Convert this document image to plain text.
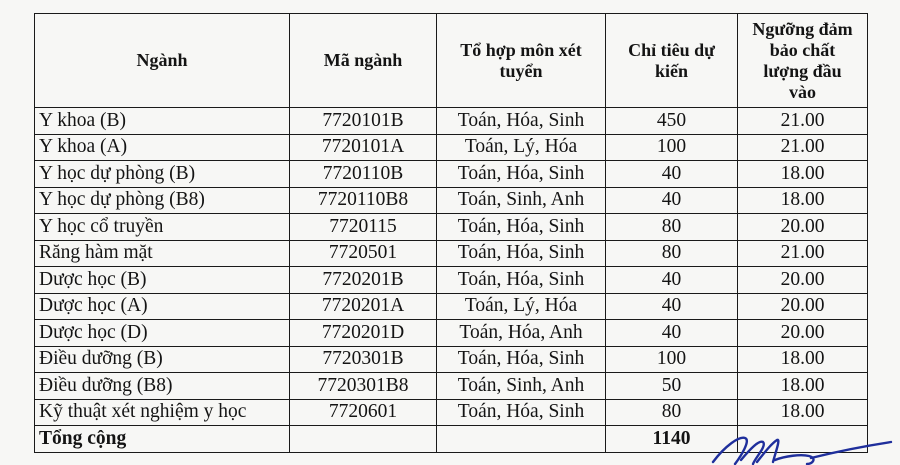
Ngành	Mã ngành	Tổ hợp môn xét tuyển	Chỉ tiêu dự kiến	Ngưỡng đảm bảo chất lượng đầu vào
Y khoa (B)	7720101B	Toán, Hóa, Sinh	450	21.00
Y khoa (A)	7720101A	Toán, Lý, Hóa	100	21.00
Y học dự phòng (B)	7720110B	Toán, Hóa, Sinh	40	18.00
Y học dự phòng (B8)	7720110B8	Toán, Sinh, Anh	40	18.00
Y học cổ truyền	7720115	Toán, Hóa, Sinh	80	20.00
Răng hàm mặt	7720501	Toán, Hóa, Sinh	80	21.00
Dược học (B)	7720201B	Toán, Hóa, Sinh	40	20.00
Dược học (A)	7720201A	Toán, Lý, Hóa	40	20.00
Dược học (D)	7720201D	Toán, Hóa, Anh	40	20.00
Điều dưỡng (B)	7720301B	Toán, Hóa, Sinh	100	18.00
Điều dưỡng (B8)	7720301B8	Toán, Sinh, Anh	50	18.00
Kỹ thuật xét nghiệm y học	7720601	Toán, Hóa, Sinh	80	18.00
Tổng cộng			1140	
